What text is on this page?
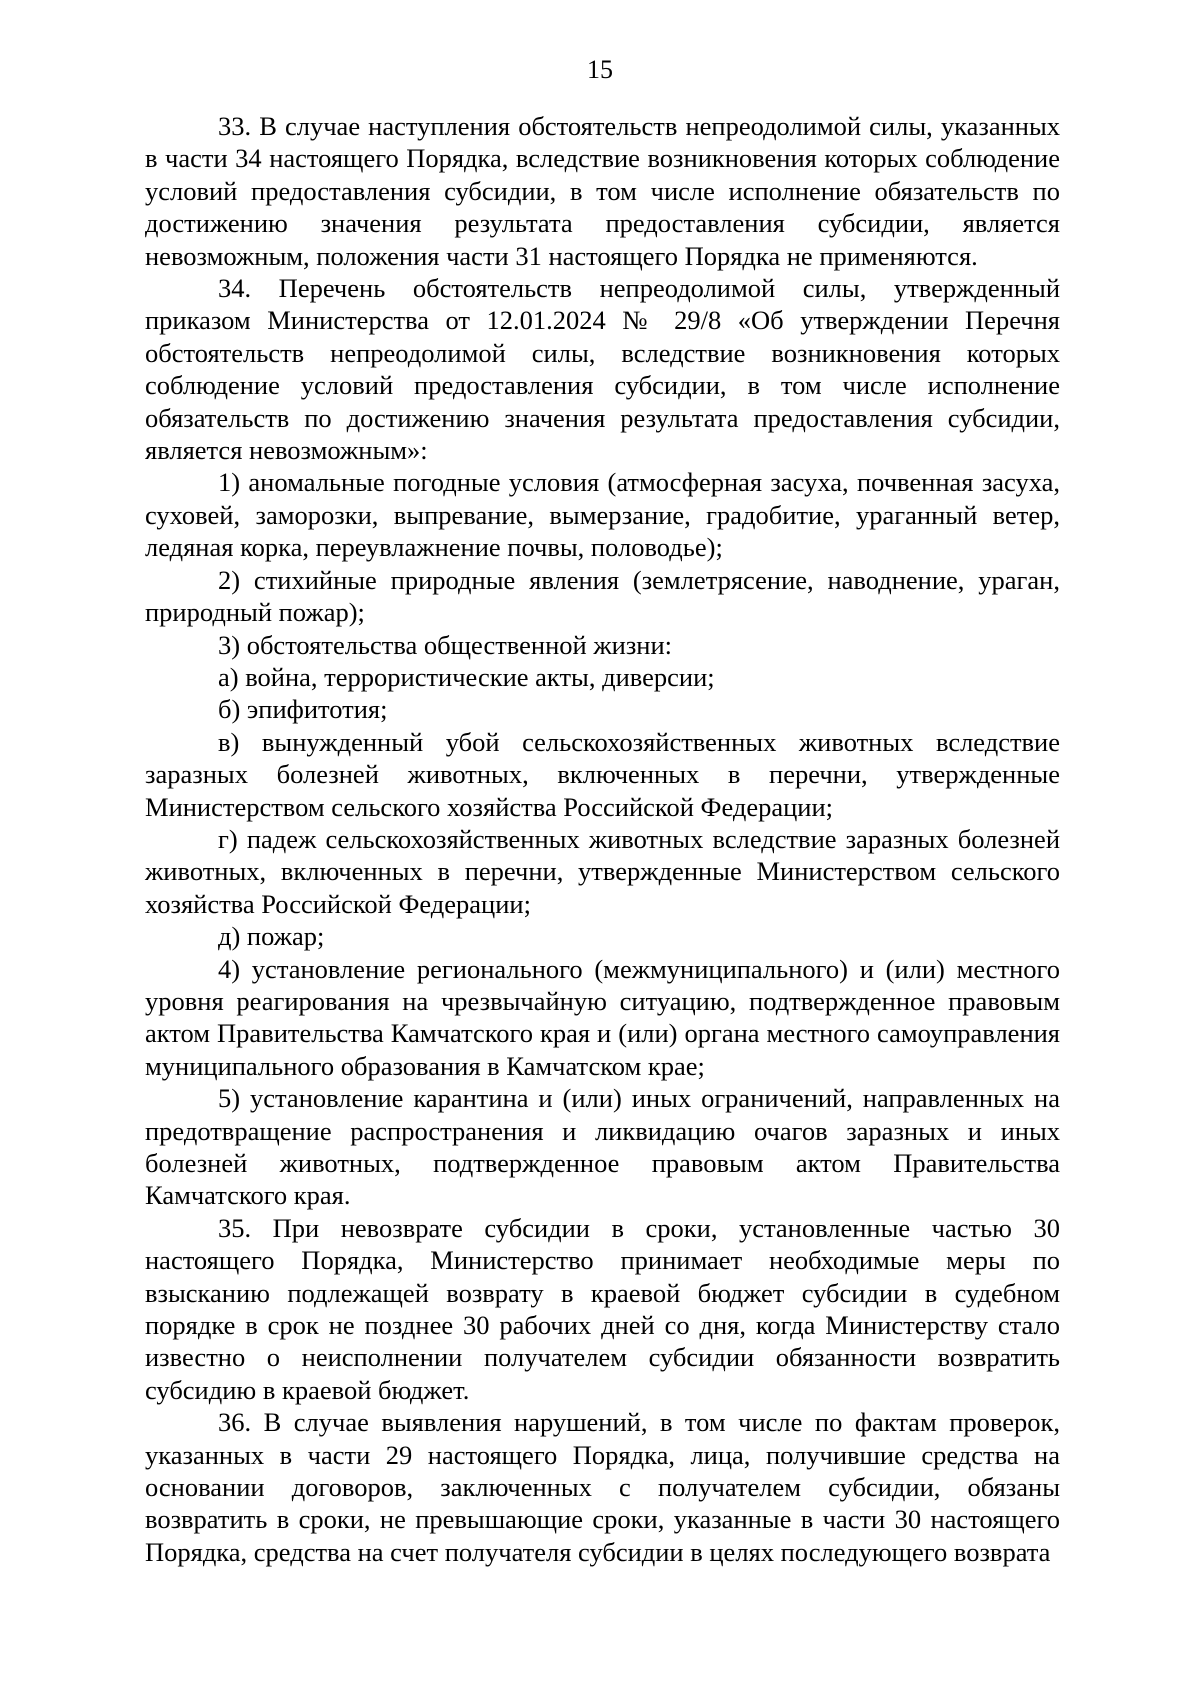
15

33. В случае наступления обстоятельств непреодолимой силы, указанных в части 34 настоящего Порядка, вследствие возникновения которых соблюдение условий предоставления субсидии, в том числе исполнение обязательств по достижению значения результата предоставления субсидии, является невозможным, положения части 31 настоящего Порядка не применяются.

34. Перечень обстоятельств непреодолимой силы, утвержденный приказом Министерства от 12.01.2024 № 29/8 «Об утверждении Перечня обстоятельств непреодолимой силы, вследствие возникновения которых соблюдение условий предоставления субсидии, в том числе исполнение обязательств по достижению значения результата предоставления субсидии, является невозможным»:

1) аномальные погодные условия (атмосферная засуха, почвенная засуха, суховей, заморозки, выпревание, вымерзание, градобитие, ураганный ветер, ледяная корка, переувлажнение почвы, половодье);

2) стихийные природные явления (землетрясение, наводнение, ураган, природный пожар);

3) обстоятельства общественной жизни:

а) война, террористические акты, диверсии;

б) эпифитотия;

в) вынужденный убой сельскохозяйственных животных вследствие заразных болезней животных, включенных в перечни, утвержденные Министерством сельского хозяйства Российской Федерации;

г) падеж сельскохозяйственных животных вследствие заразных болезней животных, включенных в перечни, утвержденные Министерством сельского хозяйства Российской Федерации;

д) пожар;

4) установление регионального (межмуниципального) и (или) местного уровня реагирования на чрезвычайную ситуацию, подтвержденное правовым актом Правительства Камчатского края и (или) органа местного самоуправления муниципального образования в Камчатском крае;

5) установление карантина и (или) иных ограничений, направленных на предотвращение распространения и ликвидацию очагов заразных и иных болезней животных, подтвержденное правовым актом Правительства Камчатского края.

35. При невозврате субсидии в сроки, установленные частью 30 настоящего Порядка, Министерство принимает необходимые меры по взысканию подлежащей возврату в краевой бюджет субсидии в судебном порядке в срок не позднее 30 рабочих дней со дня, когда Министерству стало известно о неисполнении получателем субсидии обязанности возвратить субсидию в краевой бюджет.

36. В случае выявления нарушений, в том числе по фактам проверок, указанных в части 29 настоящего Порядка, лица, получившие средства на основании договоров, заключенных с получателем субсидии, обязаны возвратить в сроки, не превышающие сроки, указанные в части 30 настоящего Порядка, средства на счет получателя субсидии в целях последующего возврата
